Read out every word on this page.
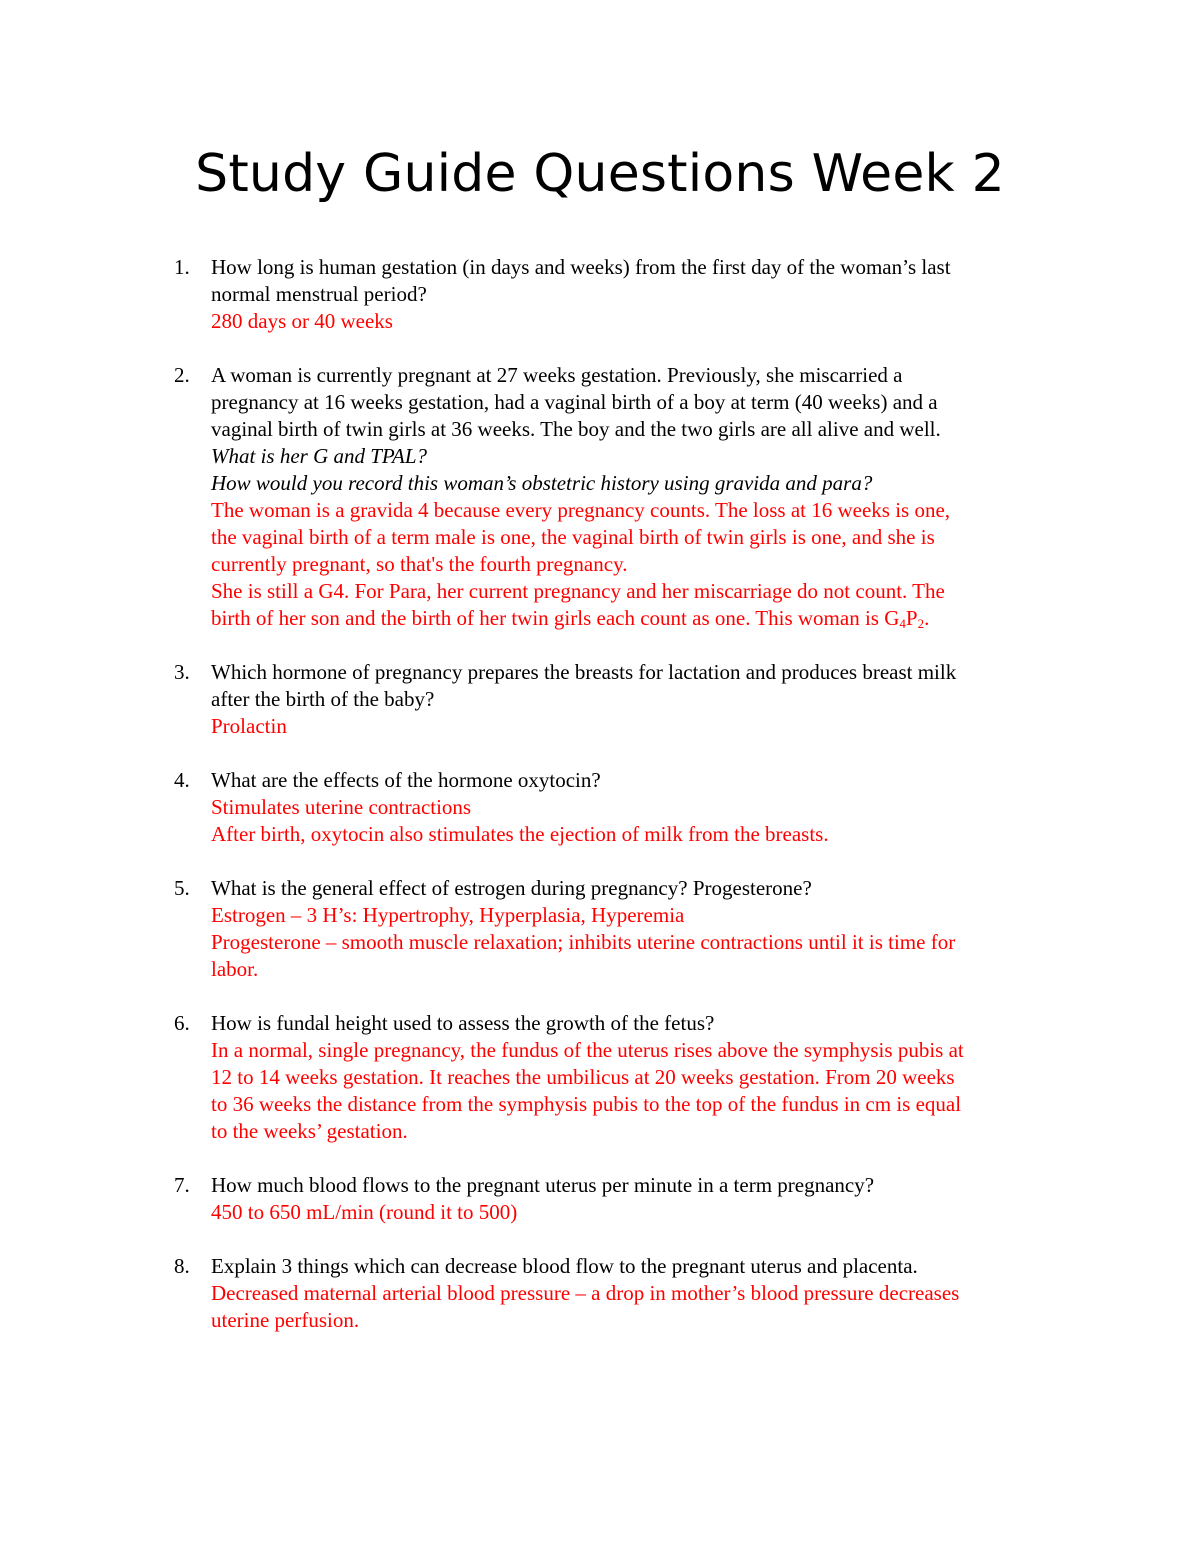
Study Guide Questions Week 2
1. How long is human gestation (in days and weeks) from the first day of the woman’s last
normal menstrual period?
280 days or 40 weeks
2. A woman is currently pregnant at 27 weeks gestation. Previously, she miscarried a
pregnancy at 16 weeks gestation, had a vaginal birth of a boy at term (40 weeks) and a
vaginal birth of twin girls at 36 weeks. The boy and the two girls are all alive and well.
What is her G and TPAL?
How would you record this woman’s obstetric history using gravida and para?
The woman is a gravida 4 because every pregnancy counts. The loss at 16 weeks is one,
the vaginal birth of a term male is one, the vaginal birth of twin girls is one, and she is
currently pregnant, so that's the fourth pregnancy.
She is still a G4. For Para, her current pregnancy and her miscarriage do not count. The
birth of her son and the birth of her twin girls each count as one. This woman is $G_4P_2$.
3. Which hormone of pregnancy prepares the breasts for lactation and produces breast milk
after the birth of the baby?
Prolactin
4. What are the effects of the hormone oxytocin?
Stimulates uterine contractions
After birth, oxytocin also stimulates the ejection of milk from the breasts.
5. What is the general effect of estrogen during pregnancy? Progesterone?
Estrogen – 3 H’s: Hypertrophy, Hyperplasia, Hyperemia
Progesterone – smooth muscle relaxation; inhibits uterine contractions until it is time for
labor.
6. How is fundal height used to assess the growth of the fetus?
In a normal, single pregnancy, the fundus of the uterus rises above the symphysis pubis at
12 to 14 weeks gestation. It reaches the umbilicus at 20 weeks gestation. From 20 weeks
to 36 weeks the distance from the symphysis pubis to the top of the fundus in cm is equal
to the weeks’ gestation.
7. How much blood flows to the pregnant uterus per minute in a term pregnancy?
450 to 650 mL/min (round it to 500)
8. Explain 3 things which can decrease blood flow to the pregnant uterus and placenta.
Decreased maternal arterial blood pressure – a drop in mother’s blood pressure decreases
uterine perfusion.
